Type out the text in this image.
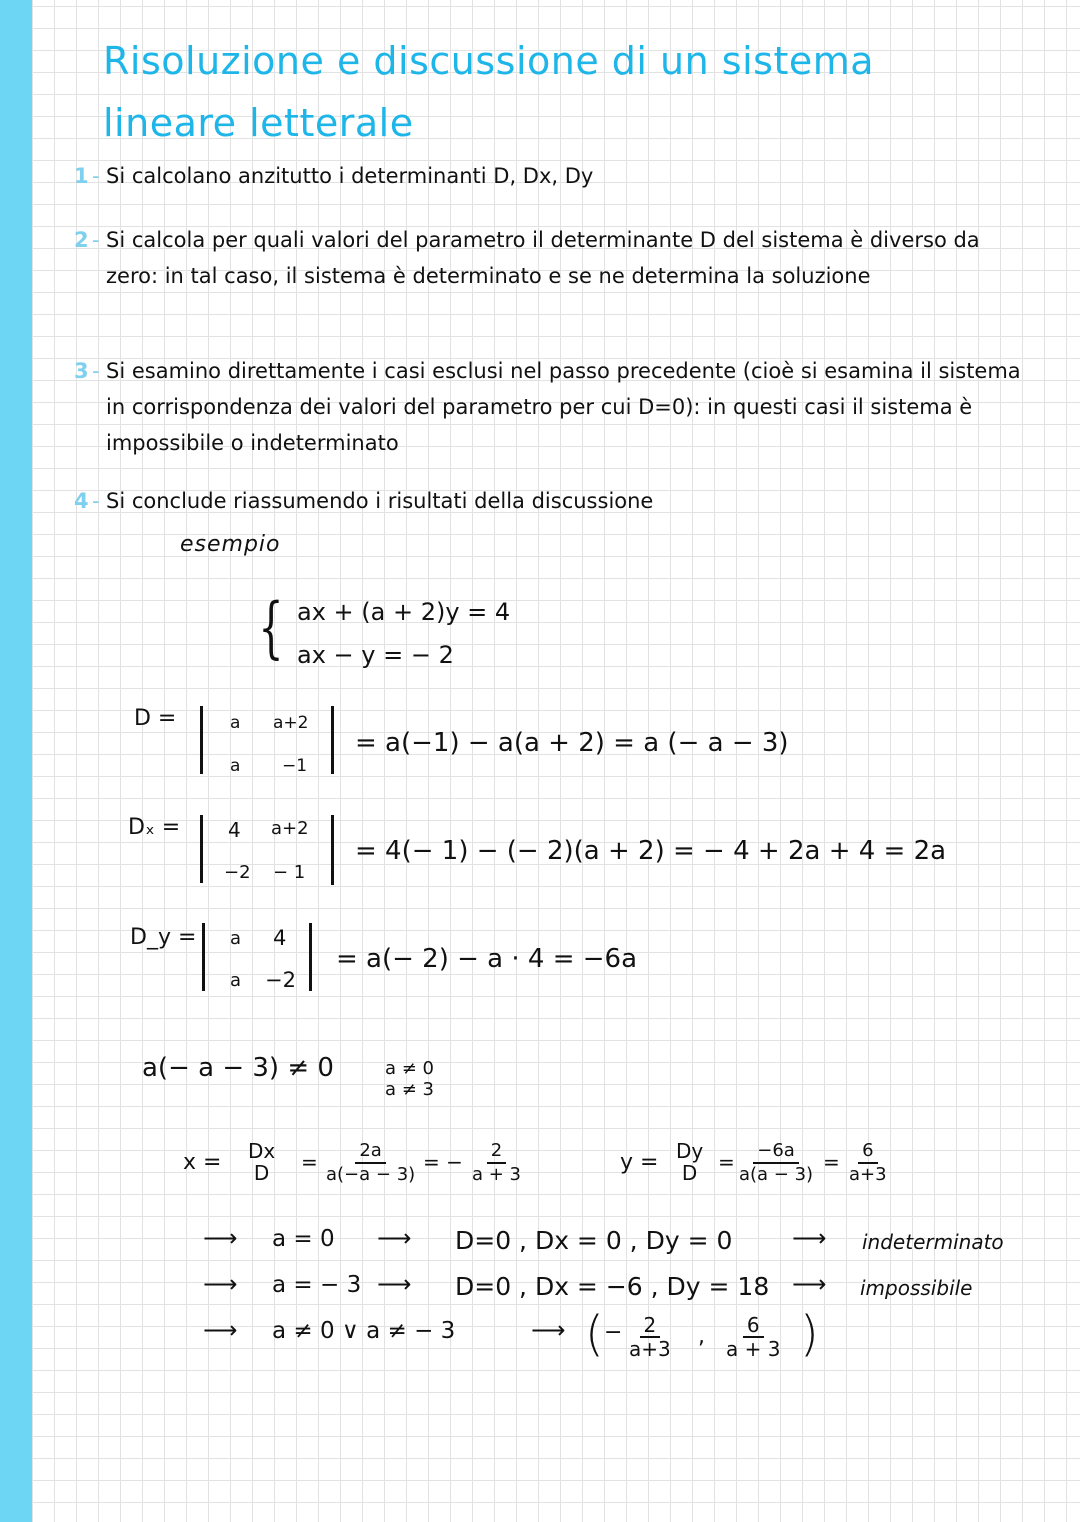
Risoluzione e discussione di un sistema
lineare letterale
1 - Si calcolano anzitutto i determinanti D, Dx, Dy
2 - Si calcola per quali valori del parametro il determinante D del sistema è diverso da zero: in tal caso, il sistema è determinato e se ne determina la soluzione
3 - Si esamino direttamente i casi esclusi nel passo precedente (cioè si esamina il sistema in corrispondenza dei valori del parametro per cui D=0): in questi casi il sistema è impossibile o indeterminato
4 - Si conclude riassumendo i risultati della discussione
esempio
{ ax + (a + 2)y = 4
ax − y = − 2
D =	a a+2
a −1
= a(−1) − a(a + 2) = a (− a − 3)
Dₓ = 4 a+2
−2 − 1
= 4(− 1) − (− 2)(a + 2) = − 4 + 2a + 4 = 2a
D_y = a 4
a −2
= a(− 2) − a · 4 = −6a
a(− a − 3) ≠ 0	a ≠ 0
a ≠ 3
x = Dx
$D = \frac{2a}{a(-a - 3)}$ = − $\frac{2}{a + 3}$	y = Dy
$D = \frac{-6a}{a(a - 3)} = \frac{6}{a+3}$
⟶ a = 0 ⟶ D=0 , Dx = 0 , Dy = 0 ⟶ indeterminato
⟶ a = − 3 ⟶ D=0 , Dx = −6 , Dy = 18 ⟶ impossibile
⟶ a ≠ 0 ∨ a ≠ − 3	⟶ ( − $\frac{2}{a+3}$ , $\frac{6}{a + 3}$ )
